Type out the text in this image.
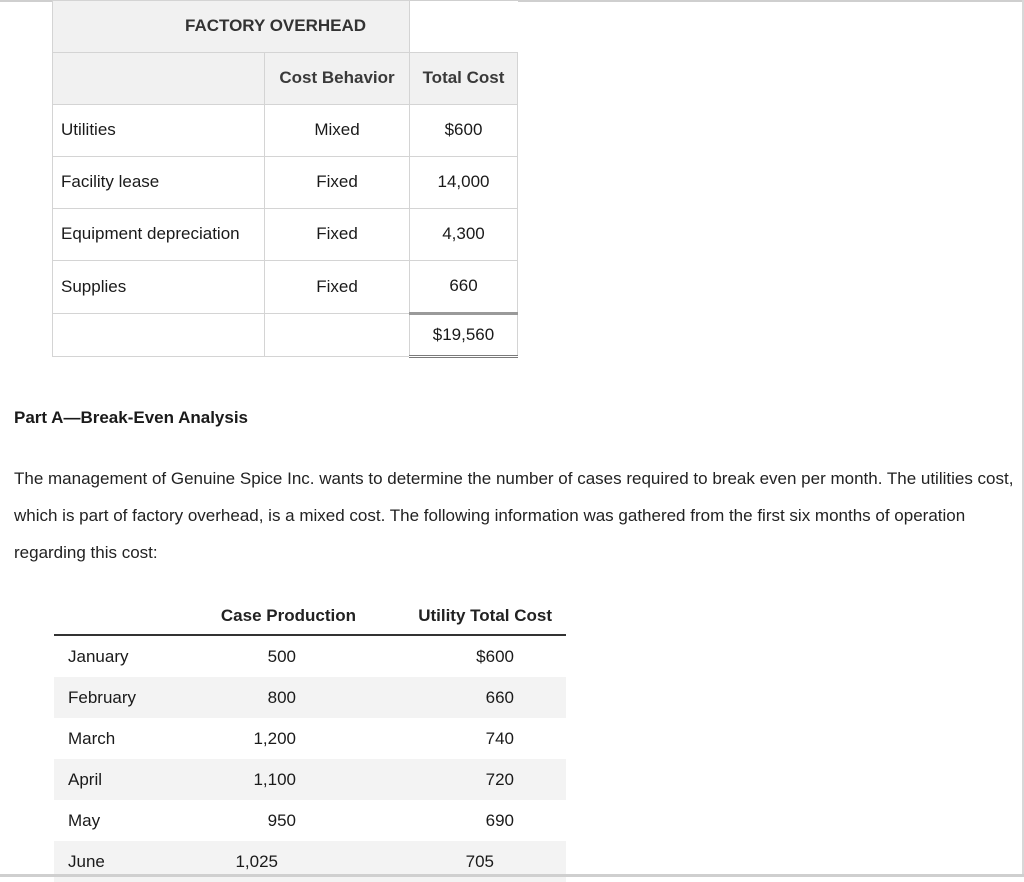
FACTORY OVERHEAD		
	Cost Behavior	Total Cost
Utilities	Mixed	$600
Facility lease	Fixed	14,000
Equipment depreciation	Fixed	4,300
Supplies	Fixed	660
		$19,560
Part A—Break-Even Analysis
The management of Genuine Spice Inc. wants to determine the number of cases required to break even per month. The utilities cost, which is part of factory overhead, is a mixed cost. The following information was gathered from the first six months of operation regarding this cost:
	Case Production	Utility Total Cost
January	500	$600
February	800	660
March	1,200	740
April	1,100	720
May	950	690
June	1,025	705
